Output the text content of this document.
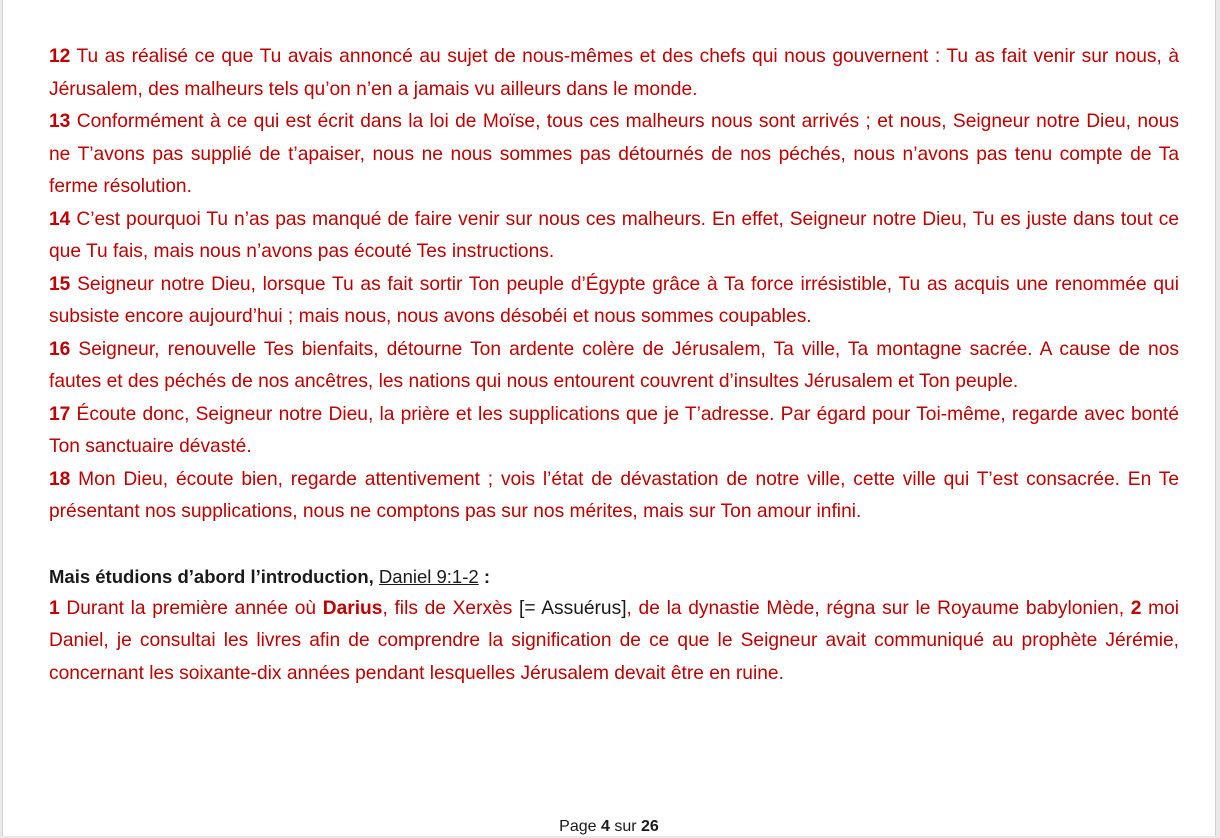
12 Tu as réalisé ce que Tu avais annoncé au sujet de nous-mêmes et des chefs qui nous gouvernent : Tu as fait venir sur nous, à Jérusalem, des malheurs tels qu’on n’en a jamais vu ailleurs dans le monde.

13 Conformément à ce qui est écrit dans la loi de Moïse, tous ces malheurs nous sont arrivés ; et nous, Seigneur notre Dieu, nous ne T’avons pas supplié de t’apaiser, nous ne nous sommes pas détournés de nos péchés, nous n’avons pas tenu compte de Ta ferme résolution.

14 C’est pourquoi Tu n’as pas manqué de faire venir sur nous ces malheurs. En effet, Seigneur notre Dieu, Tu es juste dans tout ce que Tu fais, mais nous n’avons pas écouté Tes instructions.

15 Seigneur notre Dieu, lorsque Tu as fait sortir Ton peuple d’Égypte grâce à Ta force irrésistible, Tu as acquis une renommée qui subsiste encore aujourd’hui ; mais nous, nous avons désobéi et nous sommes coupables.

16 Seigneur, renouvelle Tes bienfaits, détourne Ton ardente colère de Jérusalem, Ta ville, Ta montagne sacrée. A cause de nos fautes et des péchés de nos ancêtres, les nations qui nous entourent couvrent d’insultes Jérusalem et Ton peuple.

17 Écoute donc, Seigneur notre Dieu, la prière et les supplications que je T’adresse. Par égard pour Toi-même, regarde avec bonté Ton sanctuaire dévasté.

18 Mon Dieu, écoute bien, regarde attentivement ; vois l’état de dévastation de notre ville, cette ville qui T’est consacrée. En Te présentant nos supplications, nous ne comptons pas sur nos mérites, mais sur Ton amour infini.

Mais étudions d’abord l’introduction, Daniel 9:1-2 :

1 Durant la première année où Darius, fils de Xerxès [= Assuérus], de la dynastie Mède, régna sur le Royaume babylonien, 2 moi Daniel, je consultai les livres afin de comprendre la signification de ce que le Seigneur avait communiqué au prophète Jérémie, concernant les soixante-dix années pendant lesquelles Jérusalem devait être en ruine.

Page 4 sur 26
